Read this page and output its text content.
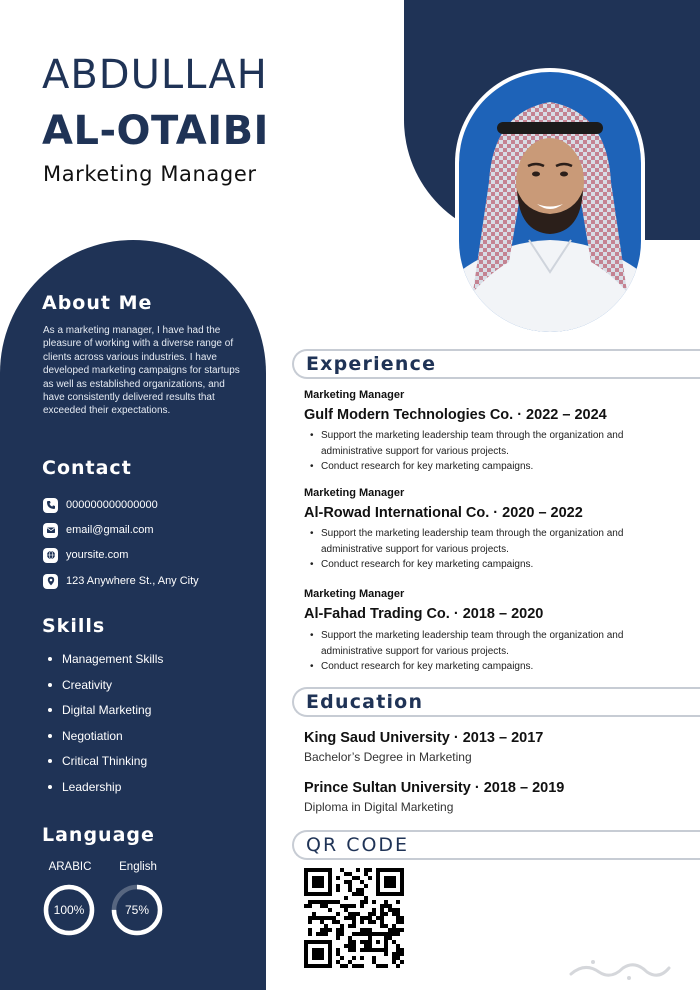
ABDULLAH
AL-OTAIBI
Marketing Manager
About Me
As a marketing manager, I have had the pleasure of working with a diverse range of clients across various industries. I have developed marketing campaigns for startups as well as established organizations, and have consistently delivered results that exceeded their expectations.
Contact
000000000000000
email@gmail.com
yoursite.com
123 Anywhere St., Any City
Skills
Management Skills
Creativity
Digital Marketing
Negotiation
Critical Thinking
Leadership
Language
ARABIC
100%
English
75%
Experience
Marketing Manager
Gulf Modern Technologies Co. · 2022 – 2024
• Support the marketing leadership team through the organization and administrative support for various projects.
• Conduct research for key marketing campaigns.
Marketing Manager
Al-Rowad International Co. · 2020 – 2022
• Support the marketing leadership team through the organization and administrative support for various projects.
• Conduct research for key marketing campaigns.
Marketing Manager
Al-Fahad Trading Co. · 2018 – 2020
• Support the marketing leadership team through the organization and administrative support for various projects.
• Conduct research for key marketing campaigns.
Education
King Saud University · 2013 – 2017
Bachelor’s Degree in Marketing
Prince Sultan University · 2018 – 2019
Diploma in Digital Marketing
QR CODE
